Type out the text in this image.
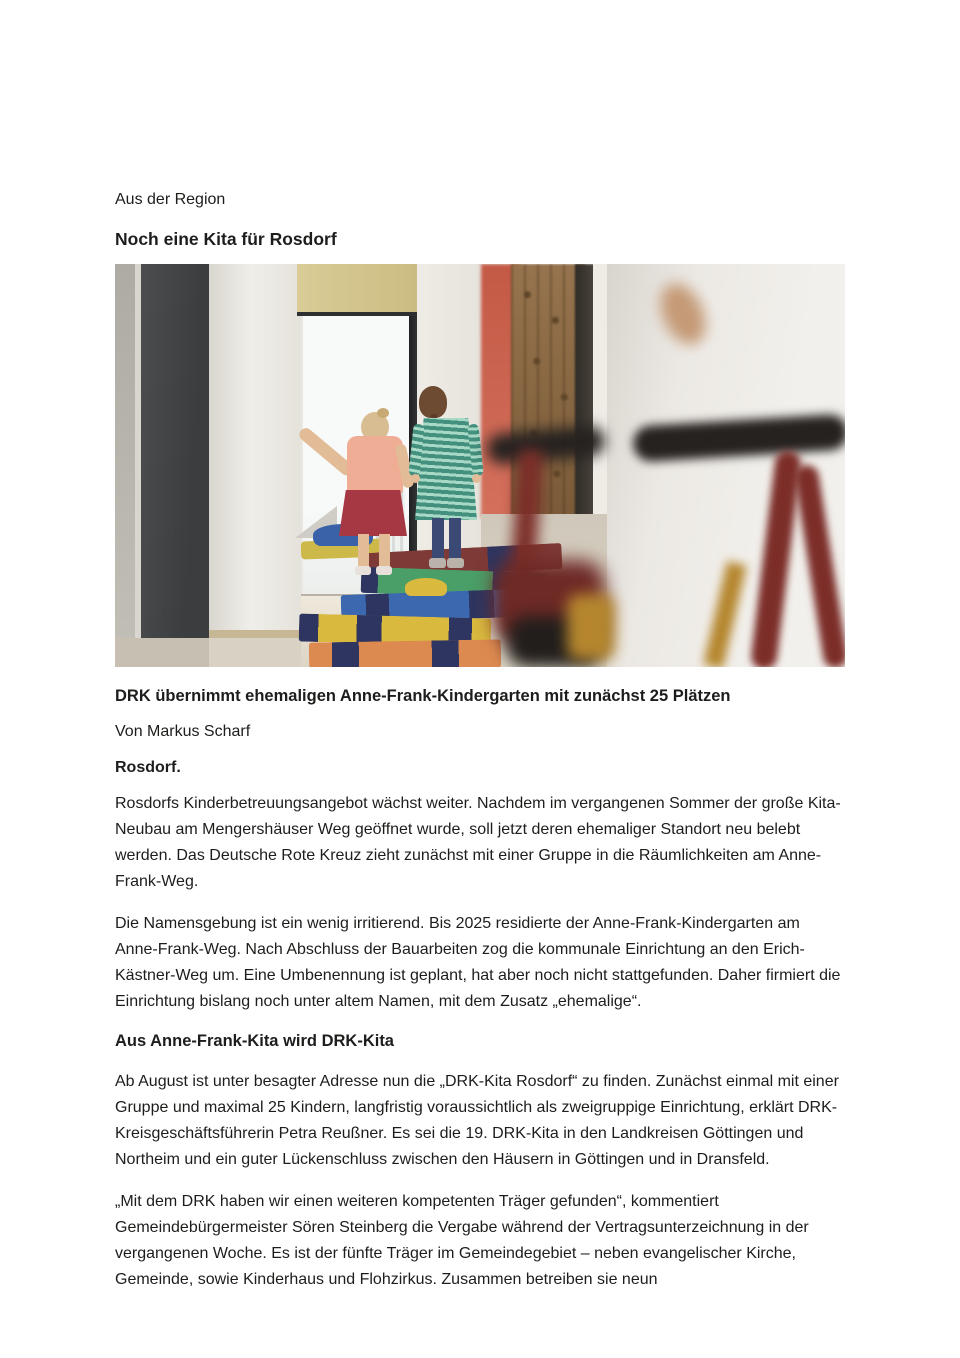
Aus der Region
Noch eine Kita für Rosdorf
DRK übernimmt ehemaligen Anne-Frank-Kindergarten mit zunächst 25 Plätzen
Von Markus Scharf
Rosdorf.

Rosdorfs Kinderbetreuungsangebot wächst weiter. Nachdem im vergangenen Sommer der große Kita-Neubau am Mengershäuser Weg geöffnet wurde, soll jetzt deren ehemaliger Standort neu belebt werden. Das Deutsche Rote Kreuz zieht zunächst mit einer Gruppe in die Räumlichkeiten am Anne-Frank-Weg.

Die Namensgebung ist ein wenig irritierend. Bis 2025 residierte der Anne-Frank-Kindergarten am Anne-Frank-Weg. Nach Abschluss der Bauarbeiten zog die kommunale Einrichtung an den Erich-Kästner-Weg um. Eine Umbenennung ist geplant, hat aber noch nicht stattgefunden. Daher firmiert die Einrichtung bislang noch unter altem Namen, mit dem Zusatz „ehemalige“.

Aus Anne-Frank-Kita wird DRK-Kita

Ab August ist unter besagter Adresse nun die „DRK-Kita Rosdorf“ zu finden. Zunächst einmal mit einer Gruppe und maximal 25 Kindern, langfristig voraussichtlich als zweigruppige Einrichtung, erklärt DRK-Kreisgeschäftsführerin Petra Reußner. Es sei die 19. DRK-Kita in den Landkreisen Göttingen und Northeim und ein guter Lückenschluss zwischen den Häusern in Göttingen und in Dransfeld.

„Mit dem DRK haben wir einen weiteren kompetenten Träger gefunden“, kommentiert Gemeindebürgermeister Sören Steinberg die Vergabe während der Vertragsunterzeichnung in der vergangenen Woche. Es ist der fünfte Träger im Gemeindegebiet – neben evangelischer Kirche, Gemeinde, sowie Kinderhaus und Flohzirkus. Zusammen betreiben sie neun
